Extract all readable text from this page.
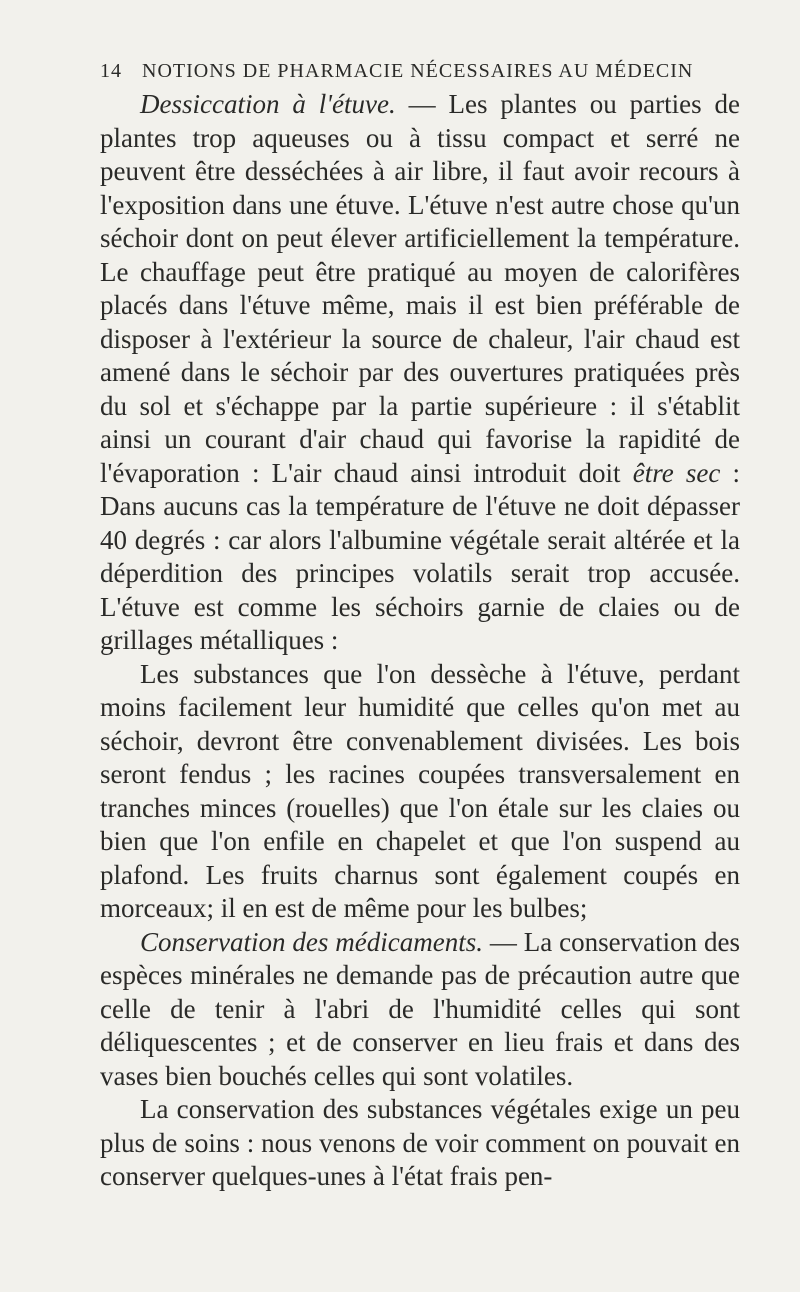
14 NOTIONS DE PHARMACIE NÉCESSAIRES AU MÉDECIN

Dessiccation à l'étuve. — Les plantes ou parties de plantes trop aqueuses ou à tissu compact et serré ne peuvent être desséchées à air libre, il faut avoir recours à l'exposition dans une étuve. L'étuve n'est autre chose qu'un séchoir dont on peut élever artificiellement la température. Le chauffage peut être pratiqué au moyen de calorifères placés dans l'étuve même, mais il est bien préférable de disposer à l'extérieur la source de chaleur, l'air chaud est amené dans le séchoir par des ouvertures pratiquées près du sol et s'échappe par la partie supérieure : il s'établit ainsi un courant d'air chaud qui favorise la rapidité de l'évaporation : L'air chaud ainsi introduit doit être sec : Dans aucuns cas la température de l'étuve ne doit dépasser 40 degrés : car alors l'albumine végétale serait altérée et la déperdition des principes volatils serait trop accusée. L'étuve est comme les séchoirs garnie de claies ou de grillages métalliques :

Les substances que l'on dessèche à l'étuve, perdant moins facilement leur humidité que celles qu'on met au séchoir, devront être convenablement divisées. Les bois seront fendus ; les racines coupées transversalement en tranches minces (rouelles) que l'on étale sur les claies ou bien que l'on enfile en chapelet et que l'on suspend au plafond. Les fruits charnus sont également coupés en morceaux; il en est de même pour les bulbes;

Conservation des médicaments. — La conservation des espèces minérales ne demande pas de précaution autre que celle de tenir à l'abri de l'humidité celles qui sont déliquescentes ; et de conserver en lieu frais et dans des vases bien bouchés celles qui sont volatiles.

La conservation des substances végétales exige un peu plus de soins : nous venons de voir comment on pouvait en conserver quelques-unes à l'état frais pen-
